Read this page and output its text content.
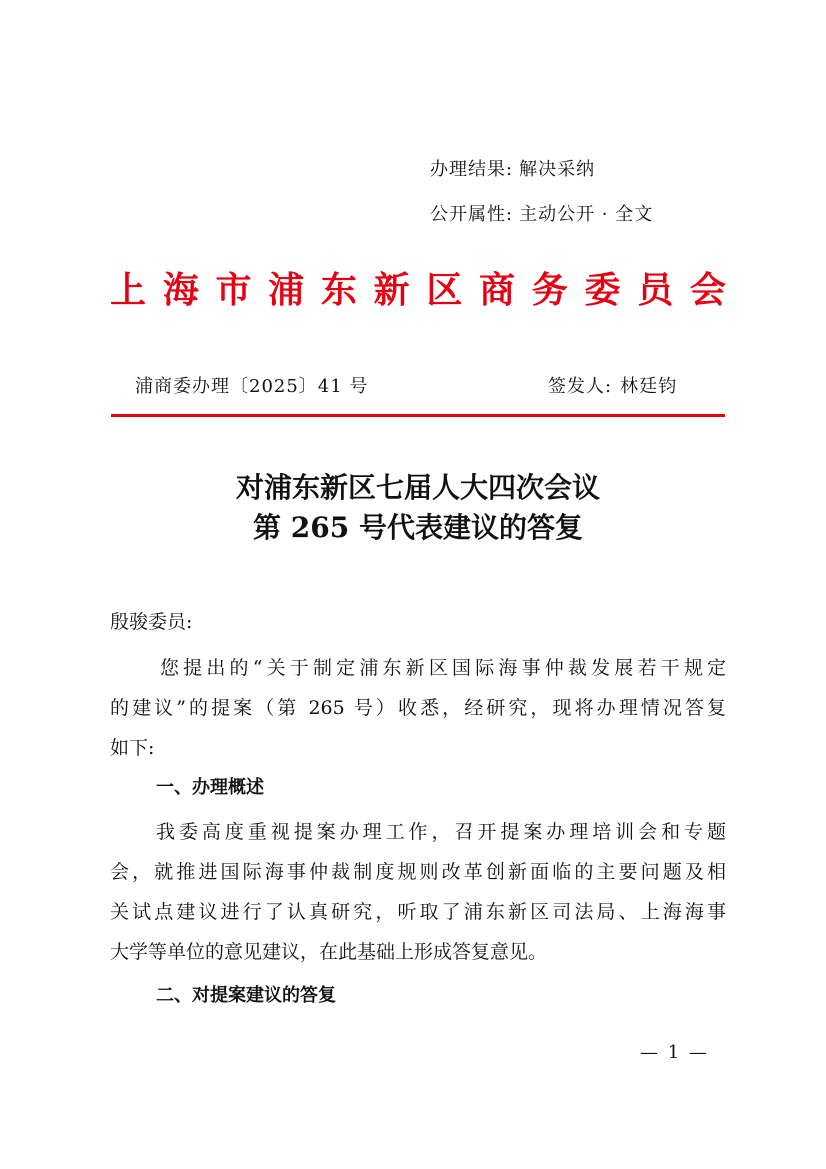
办理结果: 解决采纳
公开属性: 主动公开 · 全文
上 海 市 浦 东 新 区 商 务 委 员 会
浦商委办理〔2025〕41 号	签发人: 林廷钧
对浦东新区七届人大四次会议
第 265 号代表建议的答复
殷骏委员:
您提出的“关于制定浦东新区国际海事仲裁发展若干规定
的建议”的提案（第 265 号）收悉，经研究，现将办理情况答复
如下:
一、办理概述
我委高度重视提案办理工作，召开提案办理培训会和专题
会，就推进国际海事仲裁制度规则改革创新面临的主要问题及相
关试点建议进行了认真研究，听取了浦东新区司法局、上海海事
大学等单位的意见建议，在此基础上形成答复意见。
二、对提案建议的答复
— 1 —
